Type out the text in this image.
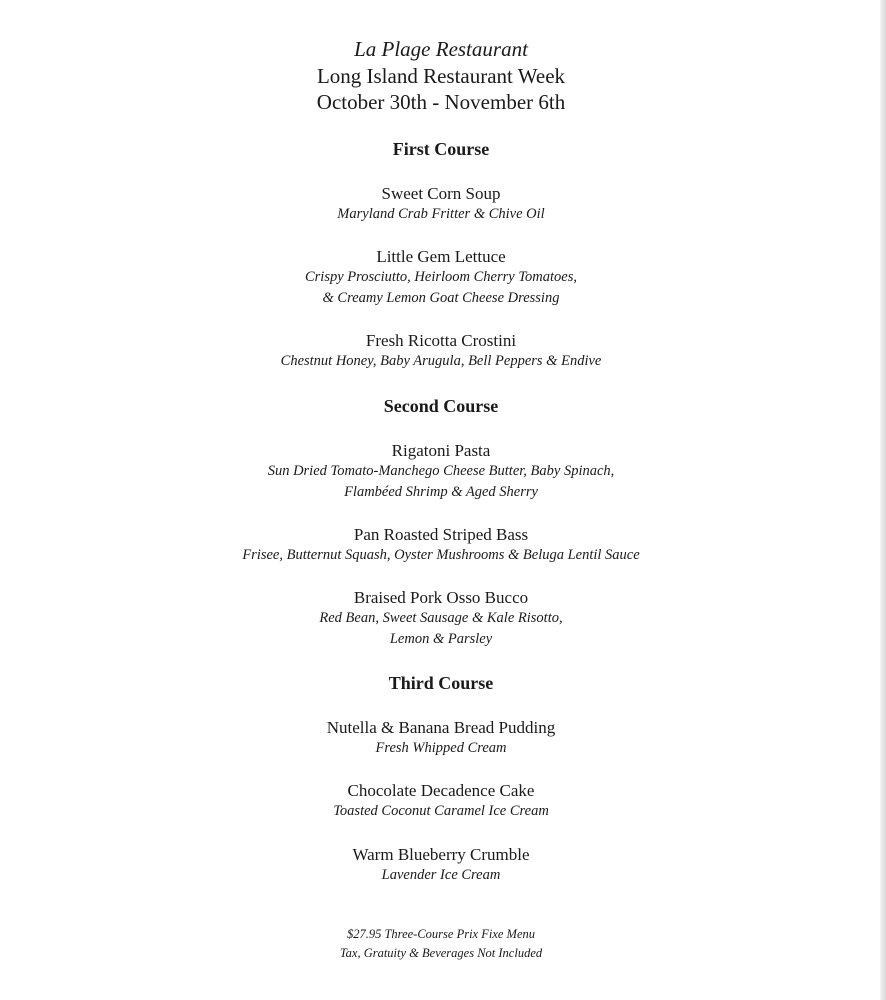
La Plage Restaurant
Long Island Restaurant Week
October 30th - November 6th
First Course
Sweet Corn Soup
Maryland Crab Fritter & Chive Oil
Little Gem Lettuce
Crispy Prosciutto, Heirloom Cherry Tomatoes,
& Creamy Lemon Goat Cheese Dressing
Fresh Ricotta Crostini
Chestnut Honey, Baby Arugula, Bell Peppers & Endive
Second Course
Rigatoni Pasta
Sun Dried Tomato-Manchego Cheese Butter, Baby Spinach,
Flambéed Shrimp & Aged Sherry
Pan Roasted Striped Bass
Frisee, Butternut Squash, Oyster Mushrooms & Beluga Lentil Sauce
Braised Pork Osso Bucco
Red Bean, Sweet Sausage & Kale Risotto,
Lemon & Parsley
Third Course
Nutella & Banana Bread Pudding
Fresh Whipped Cream
Chocolate Decadence Cake
Toasted Coconut Caramel Ice Cream
Warm Blueberry Crumble
Lavender Ice Cream
$27.95 Three-Course Prix Fixe Menu
Tax, Gratuity & Beverages Not Included
